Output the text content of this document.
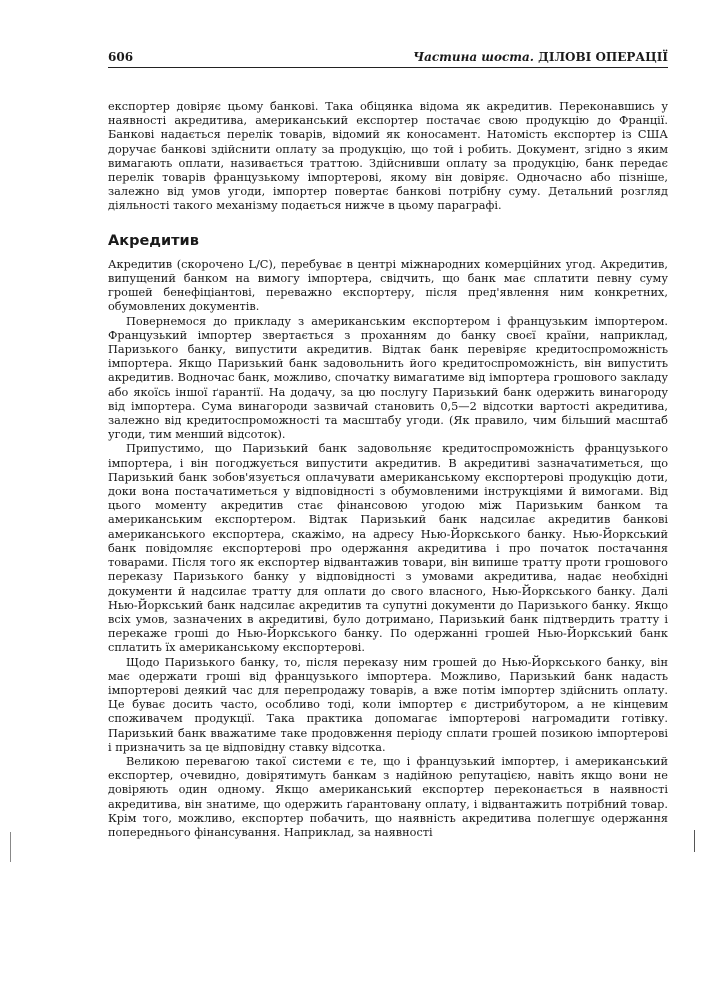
606	Частина шоста. ДІЛОВІ ОПЕРАЦІЇ

експортер довіряє цьому банкові. Така обіцянка відома як акредитив. Переконавшись у наявності акредитива, американський експортер постачає свою продукцію до Франції. Банкові надається перелік товарів, відомий як коносамент. Натомість експортер із США доручає банкові здійснити оплату за продукцію, що той і робить. Документ, згідно з яким вимагають оплати, називається траттою. Здійснивши оплату за продукцію, банк передає перелік товарів французькому імпортерові, якому він довіряє. Одночасно або пізніше, залежно від умов угоди, імпортер повертає банкові потрібну суму. Детальний розгляд діяльності такого механізму подається нижче в цьому параграфі.

Акредитив

Акредитив (скорочено L/C), перебуває в центрі міжнародних комерційних угод. Акредитив, випущений банком на вимогу імпортера, свідчить, що банк має сплатити певну суму грошей бенефіціантові, переважно експортеру, після пред'явлення ним конкретних, обумовлених документів.

Повернемося до прикладу з американським експортером і французьким імпортером. Французький імпортер звертається з проханням до банку своєї країни, наприклад, Паризького банку, випустити акредитив. Відтак банк перевіряє кредитоспроможність імпортера. Якщо Паризький банк задовольнить його кредитоспроможність, він випустить акредитив. Водночас банк, можливо, спочатку вимагатиме від імпортера грошового закладу або якоїсь іншої ґарантії. На додачу, за цю послугу Паризький банк одержить винагороду від імпортера. Сума винагороди зазвичай становить 0,5—2 відсотки вартості акредитива, залежно від кредитоспроможності та масштабу угоди. (Як правило, чим більший масштаб угоди, тим менший відсоток).

Припустимо, що Паризький банк задовольняє кредитоспроможність французького імпортера, і він погоджується випустити акредитив. В акредитиві зазначатиметься, що Паризький банк зобов'язується оплачувати американському експортерові продукцію доти, доки вона постачатиметься у відповідності з обумовленими інструкціями й вимогами. Від цього моменту акредитив стає фінансовою угодою між Паризьким банком та американським експортером. Відтак Паризький банк надсилає акредитив банкові американського експортера, скажімо, на адресу Нью-Йоркського банку. Нью-Йоркський банк повідомляє експортерові про одержання акредитива і про початок постачання товарами. Після того як експортер відвантажив товари, він випише тратту проти грошового переказу Паризького банку у відповідності з умовами акредитива, надає необхідні документи й надсилає тратту для оплати до свого власного, Нью-Йоркського банку. Далі Нью-Йоркський банк надсилає акредитив та супутні документи до Паризького банку. Якщо всіх умов, зазначених в акредитиві, було дотримано, Паризький банк підтвердить тратту і перекаже гроші до Нью-Йоркського банку. По одержанні грошей Нью-Йоркський банк сплатить їх американському експортерові.

Щодо Паризького банку, то, після переказу ним грошей до Нью-Йоркського банку, він має одержати гроші від французького імпортера. Можливо, Паризький банк надасть імпортерові деякий час для перепродажу товарів, а вже потім імпортер здійснить оплату. Це буває досить часто, особливо тоді, коли імпортер є дистрибутором, а не кінцевим споживачем продукції. Така практика допомагає імпортерові нагромадити готівку. Паризький банк вважатиме таке продовження періоду сплати грошей позикою імпортерові і призначить за це відповідну ставку відсотка.

Великою перевагою такої системи є те, що і французький імпортер, і американський експортер, очевидно, довірятимуть банкам з надійною репутацією, навіть якщо вони не довіряють один одному. Якщо американський експортер переконається в наявності акредитива, він знатиме, що одержить ґарантовану оплату, і відвантажить потрібний товар. Крім того, можливо, експортер побачить, що наявність акредитива полегшує одержання попереднього фінансування. Наприклад, за наявності
